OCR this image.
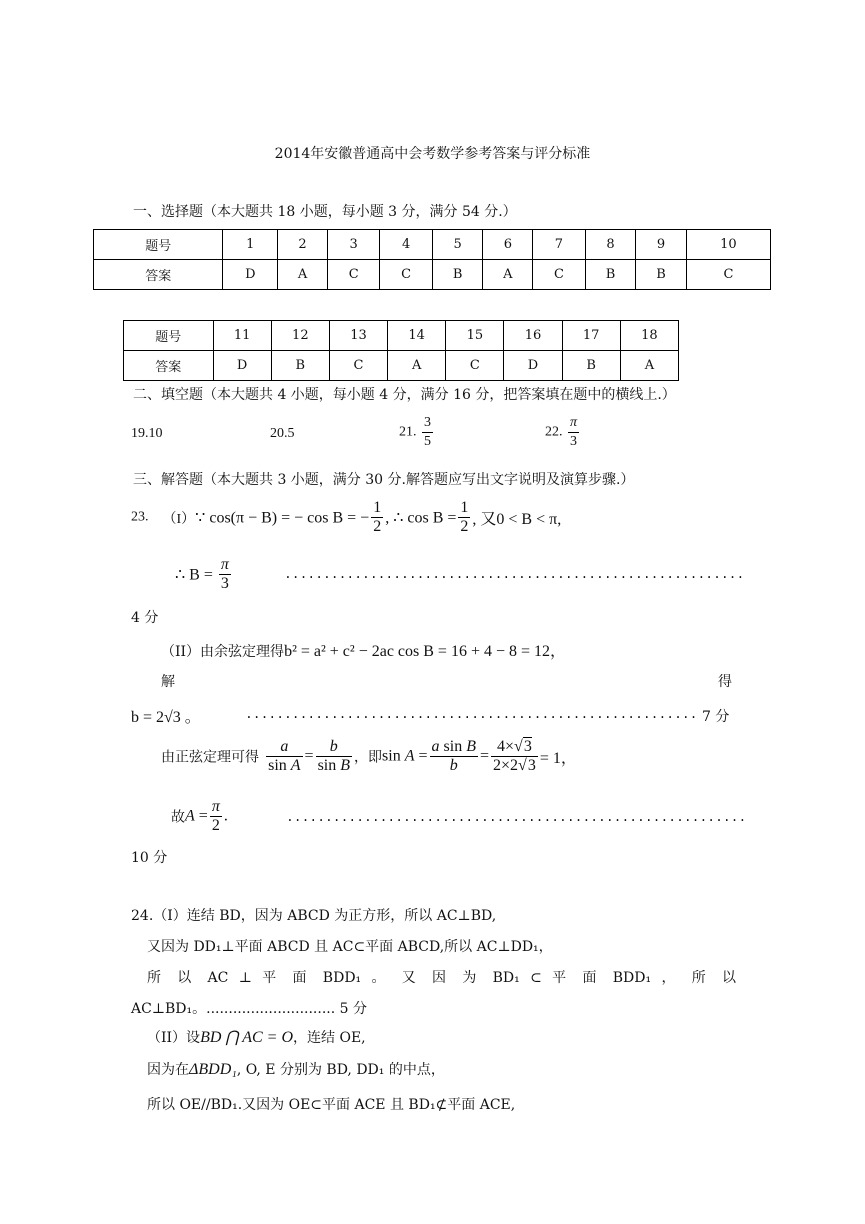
2014年安徽普通高中会考数学参考答案与评分标准
一、选择题（本大题共 18 小题，每小题 3 分，满分 54 分.）
题号	1	2	3	4	5	6	7	8	9	10
答案	D	A	C	C	B	A	C	B	B	C
题号	11	12	13	14	15	16	17	18
答案	D	B	C	A	C	D	B	A
二、填空题（本大题共 4 小题，每小题 4 分，满分 16 分，把答案填在题中的横线上.）
19.10	20.5	21. $\frac{3}{5}$	22. $\frac{\pi}{3}$
三、解答题（本大题共 3 小题，满分 30 分.解答题应写出文字说明及演算步骤.）
23. （I）∵ cos(π − B) = − cos B = − $\frac{1}{2}$ , ∴ $\cos B = \frac{1}{2}$ , 又0 < B < π,
∴ $B = \frac{\pi}{3}$	...........................................................
4 分
（II）由余弦定理得b² = a² + c² − 2ac cos B = 16 + 4 − 8 = 12，
解	得
b = 2√3 。	.......................................................... 7 分
由正弦定理可得 $\frac{a}{\text{sin A}} = \frac{b}{\text{sin B}}$ ，即$\sin A = \frac{\text{a sin B}}{b} = \frac{4\times√3}{2\times 2√3} = 1$，
故$A = \frac{\pi}{2}$ .	...........................................................
10 分
24.（I）连结 BD，因为 ABCD 为正方形，所以 AC⊥BD,
又因为 DD₁⊥平面 ABCD 且 AC⊂平面 ABCD,所以 AC⊥DD₁，
所 以 AC ⊥ 平 面 BDD₁ 。 又 因 为 BD₁ ⊂ 平 面 BDD₁ ， 所 以
AC⊥BD₁。............................. 5 分
（II）设BD ⋂ AC = O，连结 OE,
因为在ΔBDD₁, O, E 分别为 BD, DD₁ 的中点，
所以 OE//BD₁.又因为 OE⊂平面 ACE 且 BD₁⊄平面 ACE,
